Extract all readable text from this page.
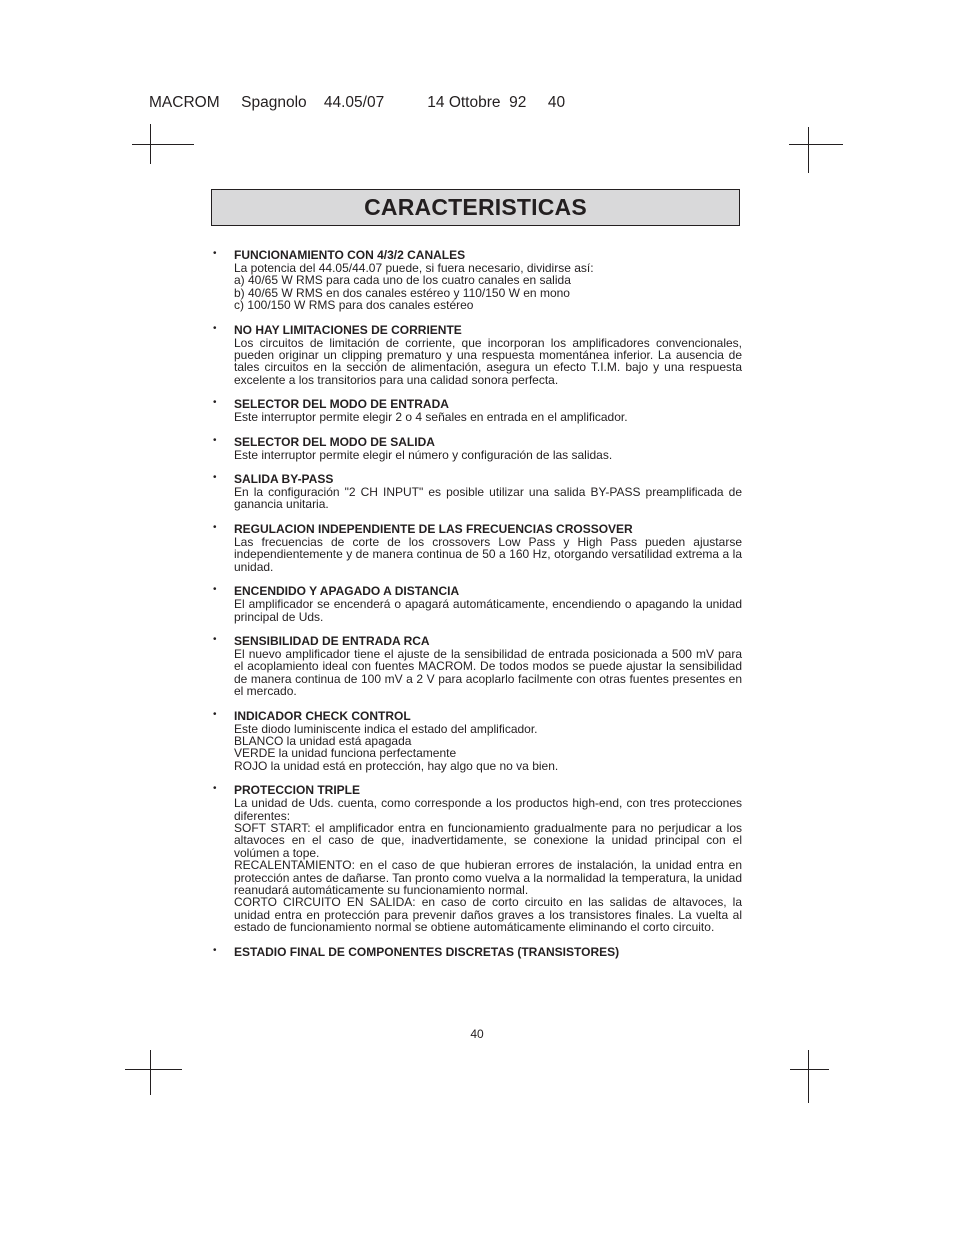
MACROM     Spagnolo    44.05/07          14 Ottobre  92     40
CARACTERISTICAS
• FUNCIONAMIENTO CON 4/3/2 CANALES
La potencia del 44.05/44.07 puede, si fuera necesario, dividirse así:
a) 40/65 W RMS para cada uno de los cuatro canales en salida
b) 40/65 W RMS en dos canales estéreo y 110/150 W en mono
c) 100/150 W RMS para dos canales estéreo
• NO HAY LIMITACIONES DE CORRIENTE
Los circuitos de limitación de corriente, que incorporan los amplificadores convencionales, pueden originar un clipping prematuro y una respuesta momentánea inferior. La ausencia de tales circuitos en la sección de alimentación, asegura un efecto T.I.M. bajo y una respuesta excelente a los transitorios para una calidad sonora perfecta.
• SELECTOR DEL MODO DE ENTRADA
Este interruptor permite elegir 2 o 4 señales en entrada en el amplificador.
• SELECTOR DEL MODO DE SALIDA
Este interruptor permite elegir el número y configuración de las salidas.
• SALIDA BY-PASS
En la configuración "2 CH INPUT" es posible utilizar una salida BY-PASS preamplificada de ganancia unitaria.
• REGULACION INDEPENDIENTE DE LAS FRECUENCIAS CROSSOVER
Las frecuencias de corte de los crossovers Low Pass y High Pass pueden ajustarse independientemente y de manera continua de 50 a 160 Hz, otorgando versatilidad extrema a la unidad.
• ENCENDIDO Y APAGADO A DISTANCIA
El amplificador se encenderá o apagará automáticamente, encendiendo o apagando la unidad principal de Uds.
• SENSIBILIDAD DE ENTRADA RCA
El nuevo amplificador tiene el ajuste de la sensibilidad de entrada posicionada a 500 mV para el acoplamiento ideal con fuentes MACROM. De todos modos se puede ajustar la sensibilidad de manera continua de 100 mV a 2 V para acoplarlo facilmente con otras fuentes presentes en el mercado.
• INDICADOR CHECK CONTROL
Este diodo luminiscente indica el estado del amplificador.
BLANCO la unidad está apagada
VERDE la unidad funciona perfectamente
ROJO la unidad está en protección, hay algo que no va bien.
• PROTECCION TRIPLE
La unidad de Uds. cuenta, como corresponde a los productos high-end, con tres protecciones diferentes:
SOFT START: el amplificador entra en funcionamiento gradualmente para no perjudicar a los altavoces en el caso de que, inadvertidamente, se conexione la unidad principal con el volúmen a tope.
RECALENTAMIENTO: en el caso de que hubieran errores de instalación, la unidad entra en protección antes de dañarse. Tan pronto como vuelva a la normalidad la temperatura, la unidad reanudará automáticamente su funcionamiento normal.
CORTO CIRCUITO EN SALIDA: en caso de corto circuito en las salidas de altavoces, la unidad entra en protección para prevenir daños graves a los transistores finales. La vuelta al estado de funcionamiento normal se obtiene automáticamente eliminando el corto circuito.
• ESTADIO FINAL DE COMPONENTES DISCRETAS (TRANSISTORES)
40
